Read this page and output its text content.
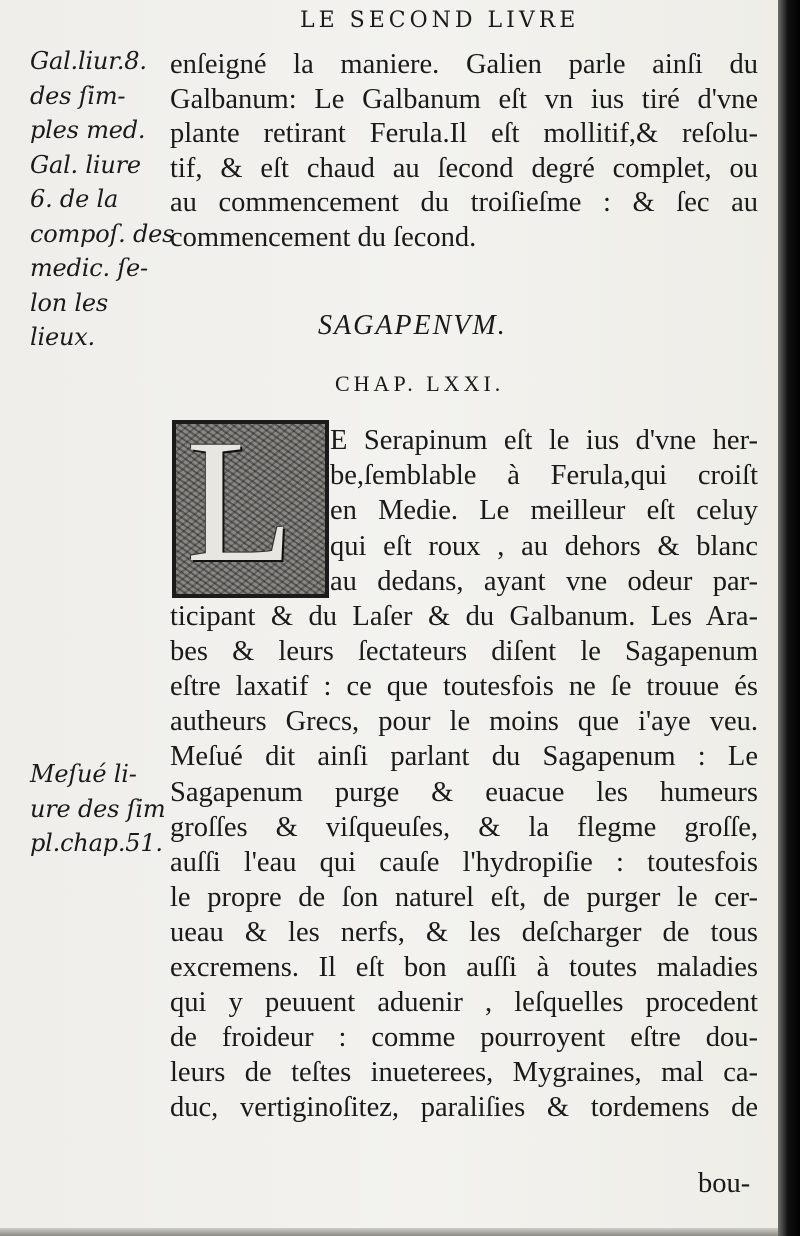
LE SECOND LIVRE
Gal.liur.8.
des ſim-
ples med.
Gal. liure
6. de la
compoſ. des
medic. ſe-
lon les
lieux.
Meſué li-
ure des ſim
pl.chap.51.
enſeigné la maniere. Galien parle ainſi du
Galbanum: Le Galbanum eſt vn ius tiré d'vne
plante retirant Ferula.Il eſt mollitif,& reſolu-
tif, & eſt chaud au ſecond degré complet, ou
au commencement du troiſieſme : & ſec au
commencement du ſecond.
E Serapinum eſt le ius d'vne her-
be,ſemblable à Ferula,qui croiſt
en Medie. Le meilleur eſt celuy
qui eſt roux , au dehors & blanc
au dedans, ayant vne odeur par-
ticipant & du Laſer & du Galbanum. Les Ara-
bes & leurs ſectateurs diſent le Sagapenum
eſtre laxatif : ce que toutesfois ne ſe trouue és
autheurs Grecs, pour le moins que i'aye veu.
Meſué dit ainſi parlant du Sagapenum : Le
Sagapenum purge & euacue les humeurs
groſſes & viſqueuſes, & la flegme groſſe,
auſſi l'eau qui cauſe l'hydropiſie : toutesfois
le propre de ſon naturel eſt, de purger le cer-
ueau & les nerfs, & les deſcharger de tous
excremens. Il eſt bon auſſi à toutes maladies
qui y peuuent aduenir , leſquelles procedent
de froideur : comme pourroyent eſtre dou-
leurs de teſtes inueterees, Mygraines, mal ca-
duc, vertiginoſitez, paraliſies & tordemens de
SAGAPENVM.
CHAP. LXXI.
L
bou-
